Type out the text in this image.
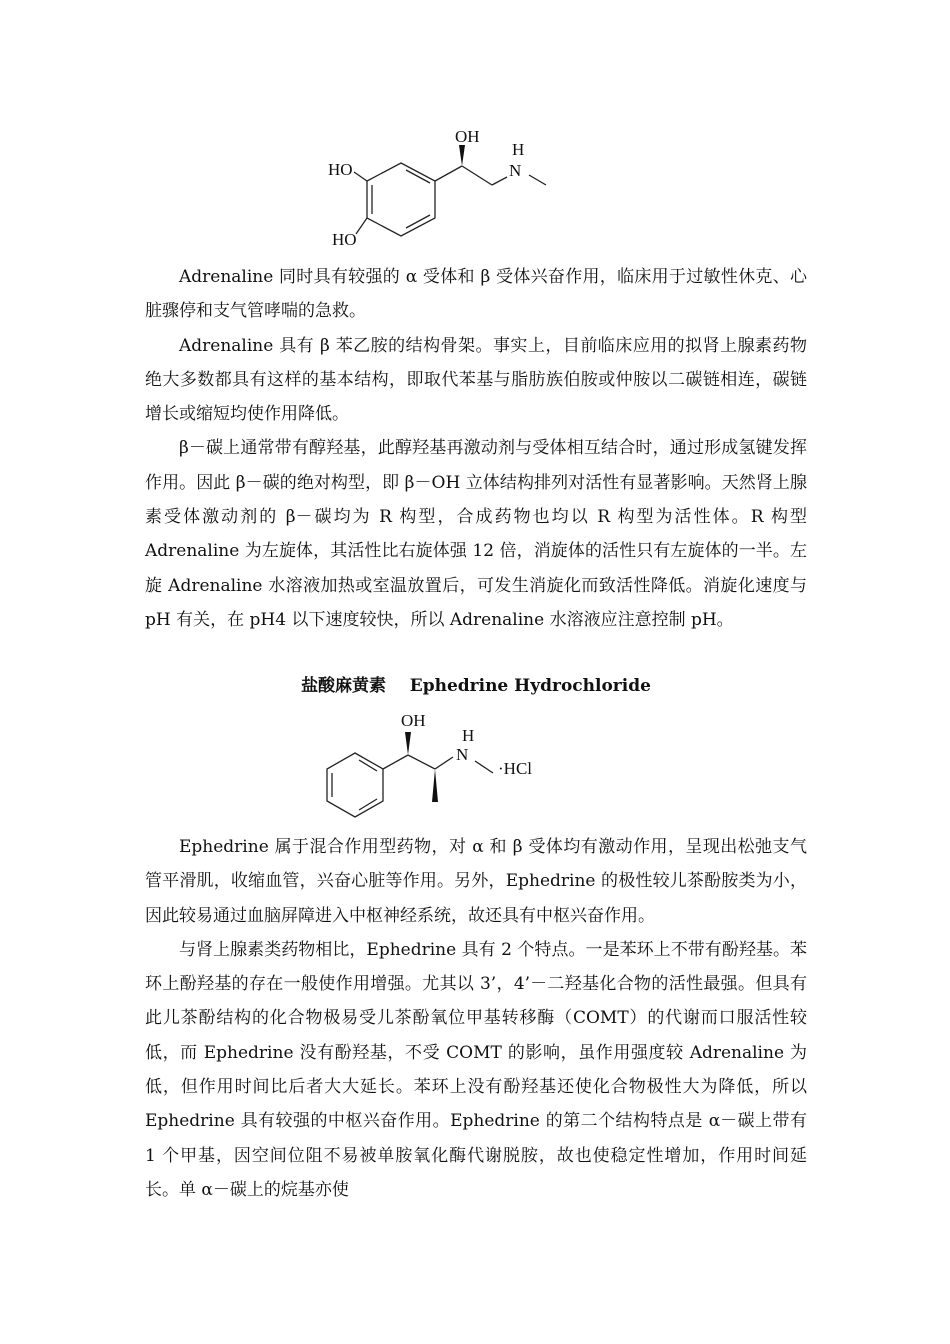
OH
H
N
HO
HO

Adrenaline 同时具有较强的 α 受体和 β 受体兴奋作用，临床用于过敏性休克、心脏骤停和支气管哮喘的急救。

Adrenaline 具有 β 苯乙胺的结构骨架。事实上，目前临床应用的拟肾上腺素药物绝大多数都具有这样的基本结构，即取代苯基与脂肪族伯胺或仲胺以二碳链相连，碳链增长或缩短均使作用降低。

β－碳上通常带有醇羟基，此醇羟基再激动剂与受体相互结合时，通过形成氢键发挥作用。因此 β－碳的绝对构型，即 β－OH 立体结构排列对活性有显著影响。天然肾上腺素受体激动剂的 β－碳均为 R 构型，合成药物也均以 R 构型为活性体。R 构型 Adrenaline 为左旋体，其活性比右旋体强 12 倍，消旋体的活性只有左旋体的一半。左旋 Adrenaline 水溶液加热或室温放置后，可发生消旋化而致活性降低。消旋化速度与 pH 有关，在 pH4 以下速度较快，所以 Adrenaline 水溶液应注意控制 pH。

盐酸麻黄素 Ephedrine Hydrochloride
OH
H
N
·HCl

Ephedrine 属于混合作用型药物，对 α 和 β 受体均有激动作用，呈现出松弛支气管平滑肌，收缩血管，兴奋心脏等作用。另外，Ephedrine 的极性较儿茶酚胺类为小，因此较易通过血脑屏障进入中枢神经系统，故还具有中枢兴奋作用。

与肾上腺素类药物相比，Ephedrine 具有 2 个特点。一是苯环上不带有酚羟基。苯环上酚羟基的存在一般使作用增强。尤其以 3’，4’－二羟基化合物的活性最强。但具有此儿茶酚结构的化合物极易受儿茶酚氧位甲基转移酶（COMT）的代谢而口服活性较低，而 Ephedrine 没有酚羟基，不受 COMT 的影响，虽作用强度较 Adrenaline 为低，但作用时间比后者大大延长。苯环上没有酚羟基还使化合物极性大为降低，所以 Ephedrine 具有较强的中枢兴奋作用。Ephedrine 的第二个结构特点是 α－碳上带有 1 个甲基，因空间位阻不易被单胺氧化酶代谢脱胺，故也使稳定性增加，作用时间延长。单 α－碳上的烷基亦使
